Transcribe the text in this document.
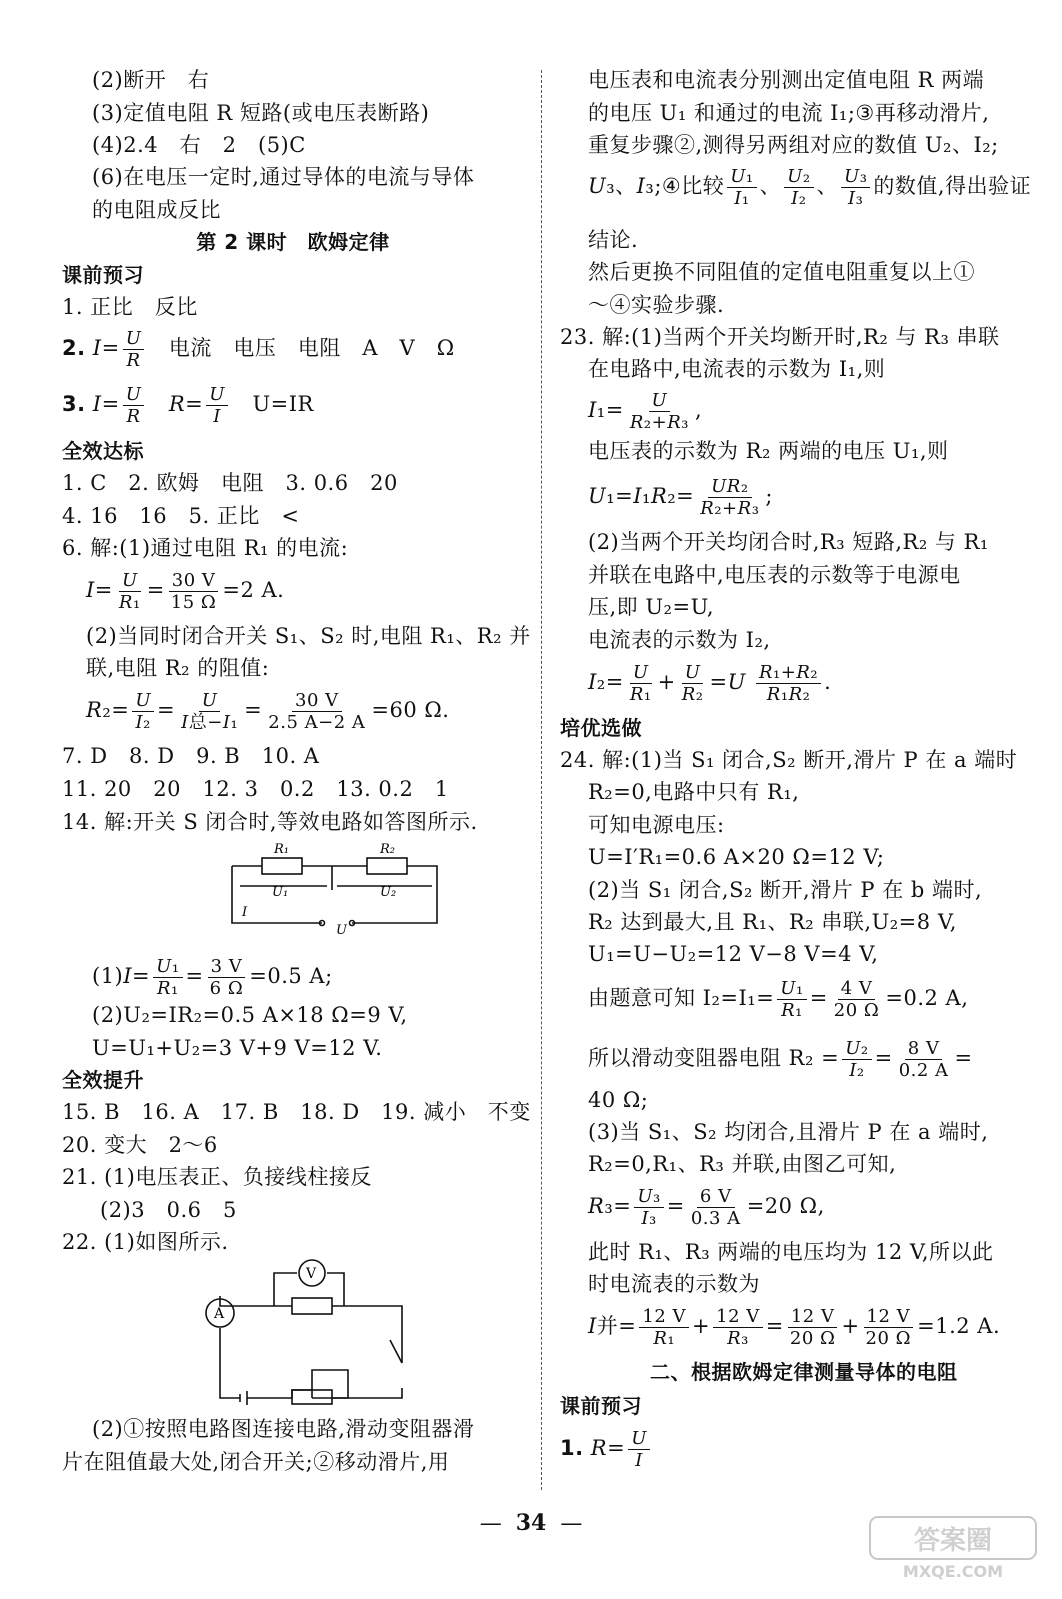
(2)断开　右
(3)定值电阻 R 短路(或电压表断路)
(4)2.4　右　2　(5)C
(6)在电压一定时,通过导体的电流与导体
的电阻成反比
第 2 课时　欧姆定律
课前预习
1. 正比　反比
2. $I= \frac{U}{R}$
　 电流　电压　电阻　A　V　Ω
3. $I= \frac{U}{R}$
　 $R= \frac{U}{I}$
　 U=IR
全效达标
1. C　2. 欧姆　电阻　3. 0.6　20
4. 16　16　5. 正比　<
6. 解:(1)通过电阻 R₁ 的电流:
$I= \frac{U}{\text{R₁}} = \frac{30 V}{15 \Omega} =2$ A.
(2)当同时闭合开关 S₁、S₂ 时,电阻 R₁、R₂ 并
联,电阻 R₂ 的阻值:
$R_2= \frac{U}{\text{I₂}} = \frac{U}{\text{I总−I₁}} = \frac{30 V}{2.5 A-2 A} =60$ Ω.
7. D　8. D　9. B　10. A
11. 20　20　12. 3　0.2　13. 0.2　1
14. 解:开关 S 闭合时,等效电路如答图所示.
R₁	R₂
U₁	U₂
I
U
$(1)I= \frac{\text{U₁}}{\text{R₁}} = \frac{3 V}{6 \Omega} =0.5$ A;
(2)U₂=IR₂=0.5 A×18 Ω=9 V,
U=U₁+U₂=3 V+9 V=12 V.
全效提升
15. B　16. A　17. B　18. D　19. 减小　不变
20. 变大　2～6
21. (1)电压表正、负接线柱接反
(2)3　0.6　5
22. (1)如图所示.
V
A
(2)①按照电路图连接电路,滑动变阻器滑
片在阻值最大处,闭合开关;②移动滑片,用
电压表和电流表分别测出定值电阻 R 两端
的电压 U₁ 和通过的电流 I₁;③再移动滑片,
重复步骤②,测得另两组对应的数值 U₂、I₂;
U₃、I₃;④比较 $\frac{\text{U₁}}{\text{I₁}}$ 、 $\frac{\text{U₂}}{\text{I₂}}$ 、 $\frac{\text{U₃}}{\text{I₃}}$ 的数值,得出验证
结论.
然后更换不同阻值的定值电阻重复以上①
～④实验步骤.
23. 解:(1)当两个开关均断开时,R₂ 与 R₃ 串联
在电路中,电流表的示数为 I₁,则
$I_1= \frac{U}{\text{R₂+R₃}}$ ,
电压表的示数为 R₂ 两端的电压 U₁,则
$U_1=I_1R_2= \frac{\text{UR₂}}{\text{R₂+R₃}}$ ;
(2)当两个开关均闭合时,R₃ 短路,R₂ 与 R₁
并联在电路中,电压表的示数等于电源电
压,即 U₂=U,
电流表的示数为 I₂,
$I_2= \frac{U}{\text{R₁}} + \frac{U}{\text{R₂}} =U \frac{\text{R₁+R₂}}{\text{R₁R₂}}$ .
培优选做
24. 解:(1)当 S₁ 闭合,S₂ 断开,滑片 P 在 a 端时
R₂=0,电路中只有 R₁,
可知电源电压:
U=I′R₁=0.6 A×20 Ω=12 V;
(2)当 S₁ 闭合,S₂ 断开,滑片 P 在 b 端时,
R₂ 达到最大,且 R₁、R₂ 串联,U₂=8 V,
U₁=U−U₂=12 V−8 V=4 V,
由题意可知 $I_2=I_1= \frac{\text{U₁}}{\text{R₁}} = \frac{4 V}{20 \Omega} =0.2$ A,
所以滑动变阻器电阻 $R_2 = \frac{\text{U₂}}{\text{I₂}} = \frac{8 V}{0.2 A}$ =
40 Ω;
(3)当 S₁、S₂ 均闭合,且滑片 P 在 a 端时,
R₂=0,R₁、R₃ 并联,由图乙可知,
$R_3= \frac{\text{U₃}}{\text{I₃}} = \frac{6 V}{0.3 A} =20$ Ω,
此时 R₁、R₃ 两端的电压均为 12 V,所以此
时电流表的示数为
I并= $\frac{12 V}{\text{R₁}} + \frac{12 V}{\text{R₃}} = \frac{12 V}{20 \Omega} + \frac{12 V}{20 \Omega} =1.2$ A.
二、根据欧姆定律测量导体的电阻
课前预习
1. $R= \frac{U}{I}$
— 34 —
答案圈
MXQE.COM
